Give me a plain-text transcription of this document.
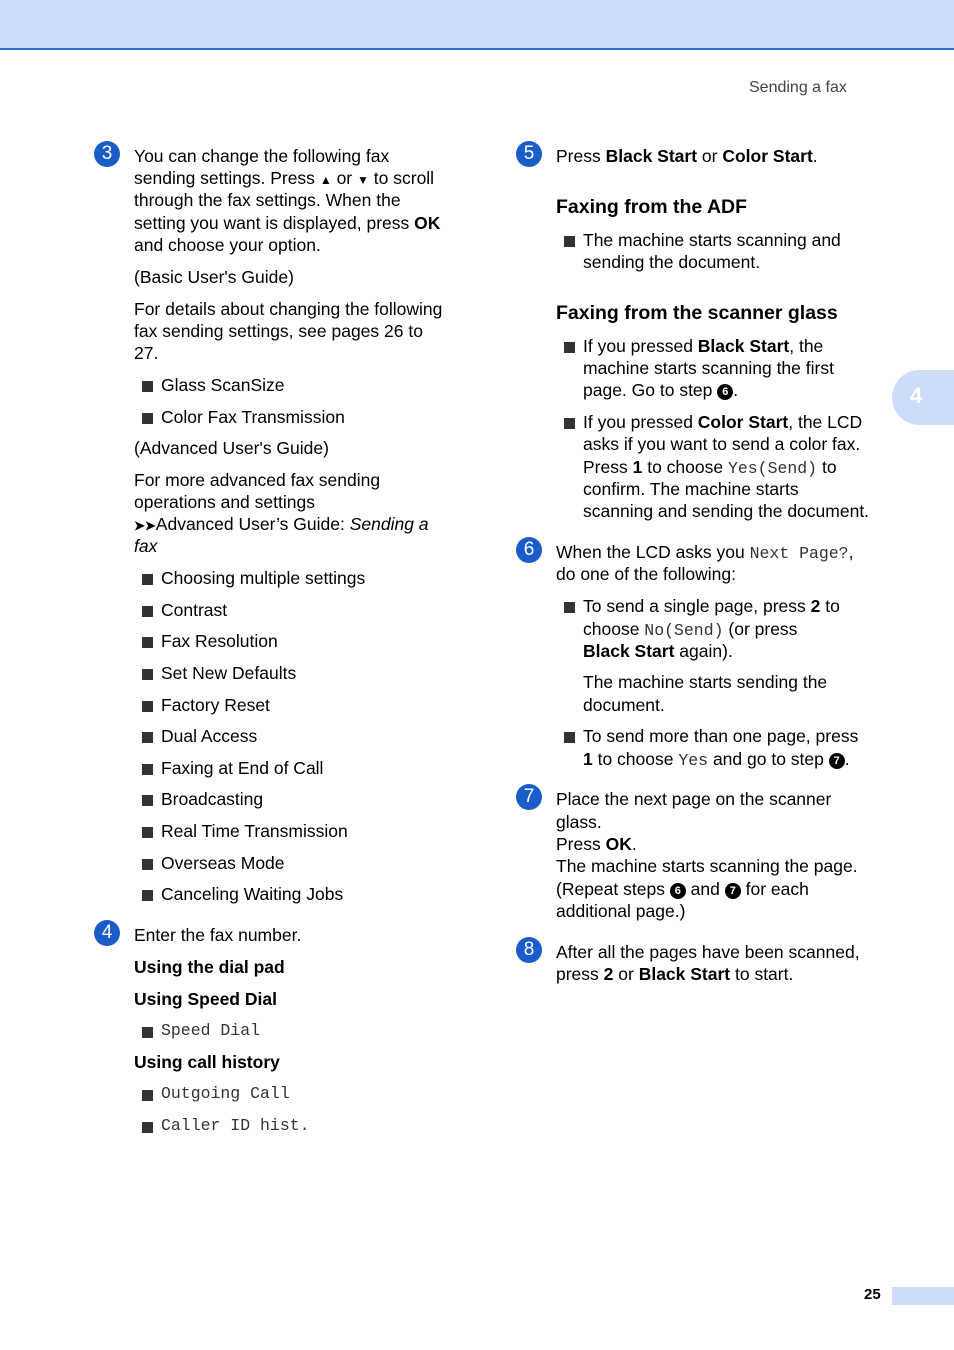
Sending a fax
4
3	You can change the following fax
sending settings. Press ▲ or ▼ to scroll
through the fax settings. When the
setting you want is displayed, press OK
and choose your option.
(Basic User's Guide)
For details about changing the following
fax sending settings, see pages 26 to
27.
Glass ScanSize
Color Fax Transmission
(Advanced User's Guide)
For more advanced fax sending
operations and settings
➤➤Advanced User’s Guide: Sending a
fax
Choosing multiple settings
Contrast
Fax Resolution
Set New Defaults
Factory Reset
Dual Access
Faxing at End of Call
Broadcasting
Real Time Transmission
Overseas Mode
Canceling Waiting Jobs
Enter the fax number.
Using the dial pad
Using Speed Dial
Speed Dial
Using call history
Outgoing Call
Caller ID hist.
4
5
6
7
8
Press Black Start or Color Start.
Faxing from the ADF
The machine starts scanning and
sending the document.
Faxing from the scanner glass
If you pressed Black Start, the
machine starts scanning the first
page. Go to step 6 .
If you pressed Color Start, the LCD
asks if you want to send a color fax.
Press 1 to choose Yes(Send) to
confirm. The machine starts
scanning and sending the document.
When the LCD asks you Next Page?,
do one of the following:
To send a single page, press 2 to
choose No(Send) (or press
Black Start again).
The machine starts sending the
document.
To send more than one page, press
1 to choose Yes and go to step 7 .
Place the next page on the scanner
glass.
Press OK.
The machine starts scanning the page.
(Repeat steps 6 and 7 for each
additional page.)
After all the pages have been scanned,
press 2 or Black Start to start.
25
